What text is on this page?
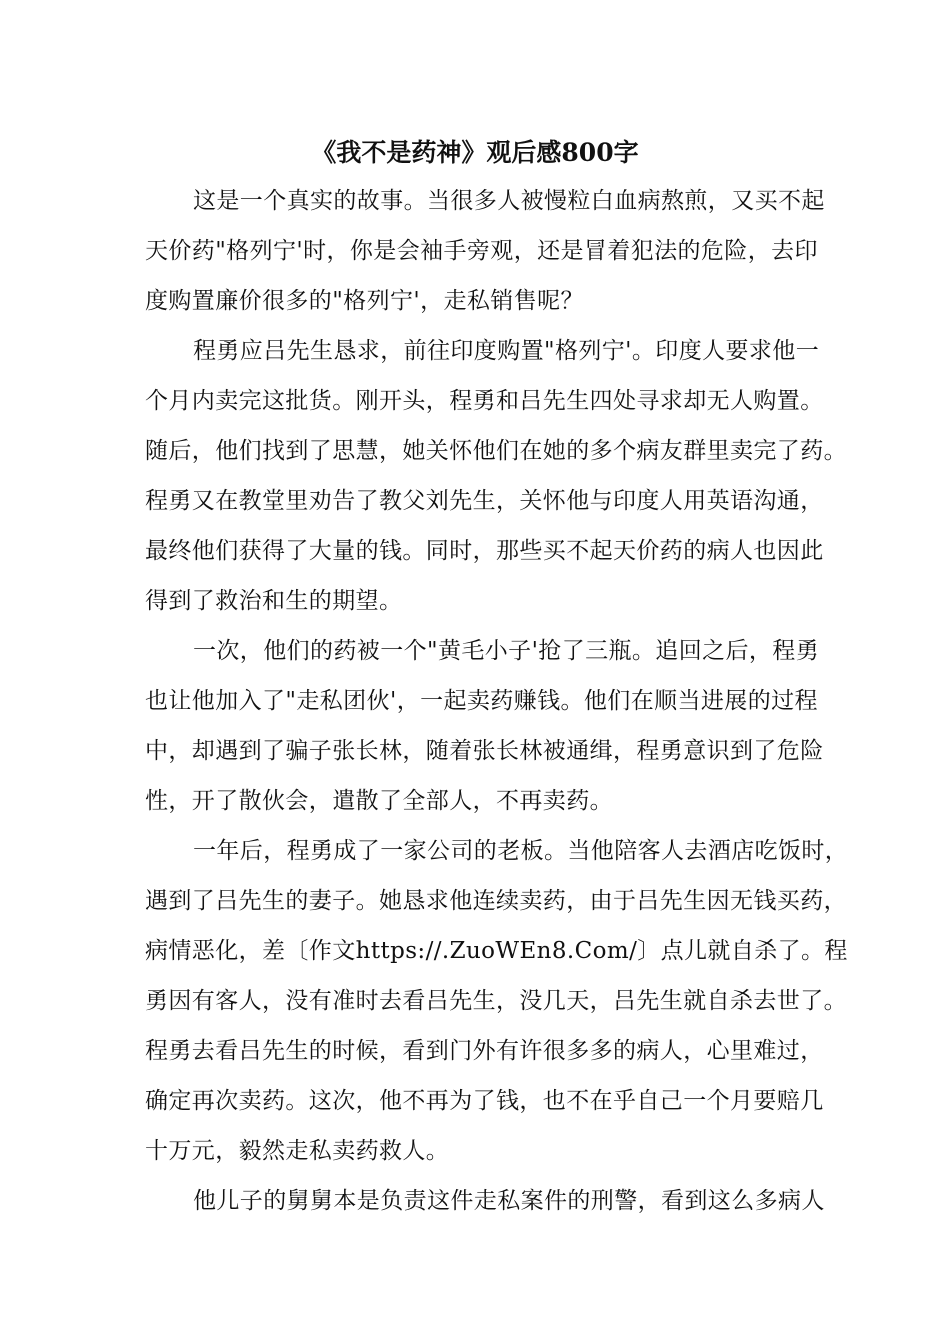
《我不是药神》观后感800字
这是一个真实的故事。当很多人被慢粒白血病熬煎，又买不起
天价药"格列宁'时，你是会袖手旁观，还是冒着犯法的危险，去印
度购置廉价很多的"格列宁'，走私销售呢？
程勇应吕先生恳求，前往印度购置"格列宁'。印度人要求他一
个月内卖完这批货。刚开头，程勇和吕先生四处寻求却无人购置。
随后，他们找到了思慧，她关怀他们在她的多个病友群里卖完了药。
程勇又在教堂里劝告了教父刘先生，关怀他与印度人用英语沟通，
最终他们获得了大量的钱。同时，那些买不起天价药的病人也因此
得到了救治和生的期望。
一次，他们的药被一个"黄毛小子'抢了三瓶。追回之后，程勇
也让他加入了"走私团伙'，一起卖药赚钱。他们在顺当进展的过程
中，却遇到了骗子张长林，随着张长林被通缉，程勇意识到了危险
性，开了散伙会，遣散了全部人，不再卖药。
一年后，程勇成了一家公司的老板。当他陪客人去酒店吃饭时，
遇到了吕先生的妻子。她恳求他连续卖药，由于吕先生因无钱买药，
病情恶化，差〔作文https://.ZuoWEn8.Com/〕点儿就自杀了。程
勇因有客人，没有准时去看吕先生，没几天，吕先生就自杀去世了。
程勇去看吕先生的时候，看到门外有许很多多的病人，心里难过，
确定再次卖药。这次，他不再为了钱，也不在乎自己一个月要赔几
十万元，毅然走私卖药救人。
他儿子的舅舅本是负责这件走私案件的刑警，看到这么多病人
